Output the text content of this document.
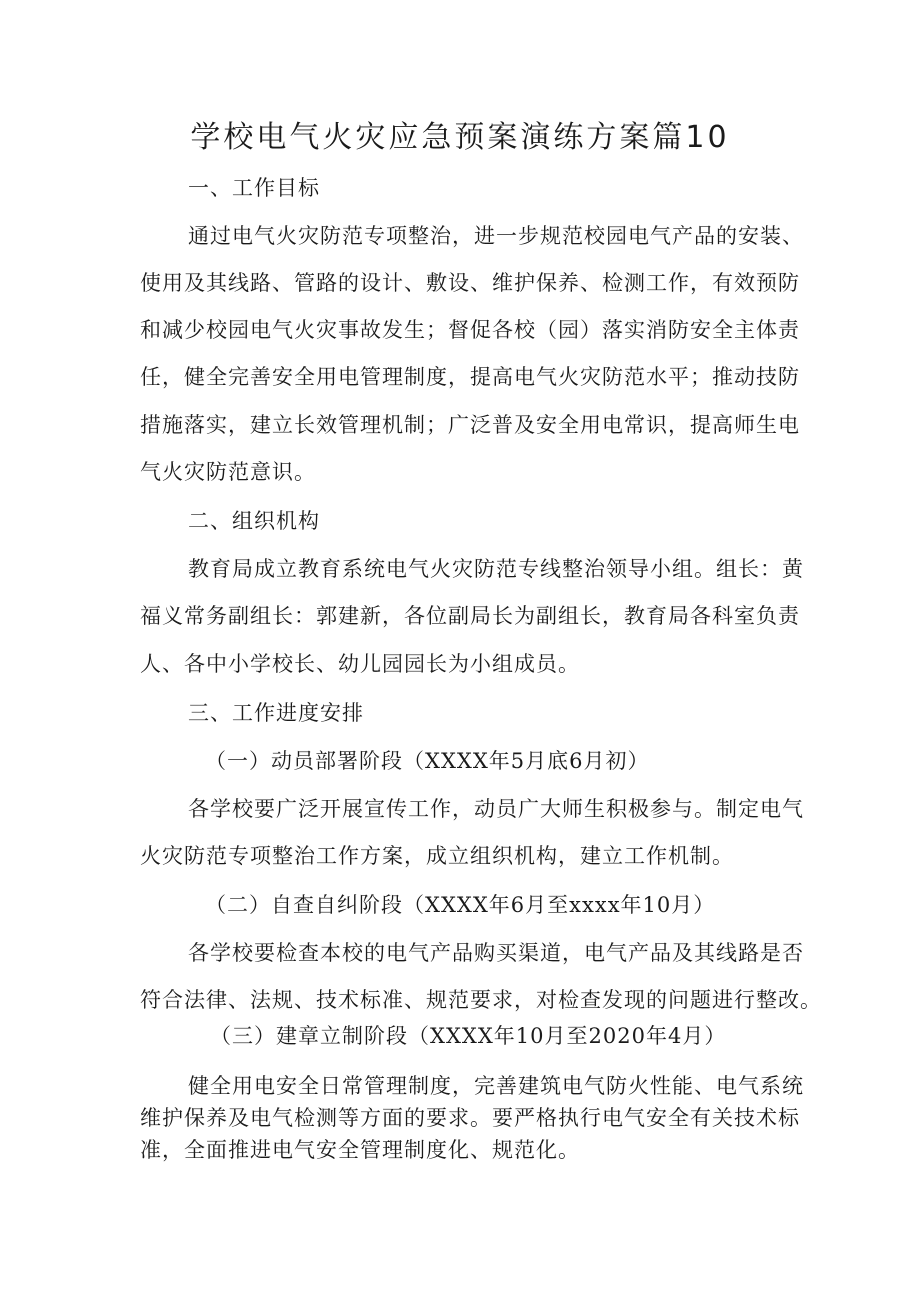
学校电气火灾应急预案演练方案篇10

一、工作目标

通过电气火灾防范专项整治，进一步规范校园电气产品的安装、

使用及其线路、管路的设计、敷设、维护保养、检测工作，有效预防

和减少校园电气火灾事故发生；督促各校（园）落实消防安全主体责

任，健全完善安全用电管理制度，提高电气火灾防范水平；推动技防

措施落实，建立长效管理机制；广泛普及安全用电常识，提高师生电

气火灾防范意识。

二、组织机构

教育局成立教育系统电气火灾防范专线整治领导小组。组长：黄

福义常务副组长：郭建新，各位副局长为副组长，教育局各科室负责

人、各中小学校长、幼儿园园长为小组成员。

三、工作进度安排

（一）动员部署阶段（XXXX年5月底6月初）

各学校要广泛开展宣传工作，动员广大师生积极参与。制定电气

火灾防范专项整治工作方案，成立组织机构，建立工作机制。

（二）自查自纠阶段（XXXX年6月至xxxx年10月）

各学校要检查本校的电气产品购买渠道，电气产品及其线路是否

符合法律、法规、技术标准、规范要求，对检查发现的问题进行整改。

（三）建章立制阶段（XXXX年10月至2020年4月）

健全用电安全日常管理制度，完善建筑电气防火性能、电气系统

维护保养及电气检测等方面的要求。要严格执行电气安全有关技术标

准，全面推进电气安全管理制度化、规范化。
